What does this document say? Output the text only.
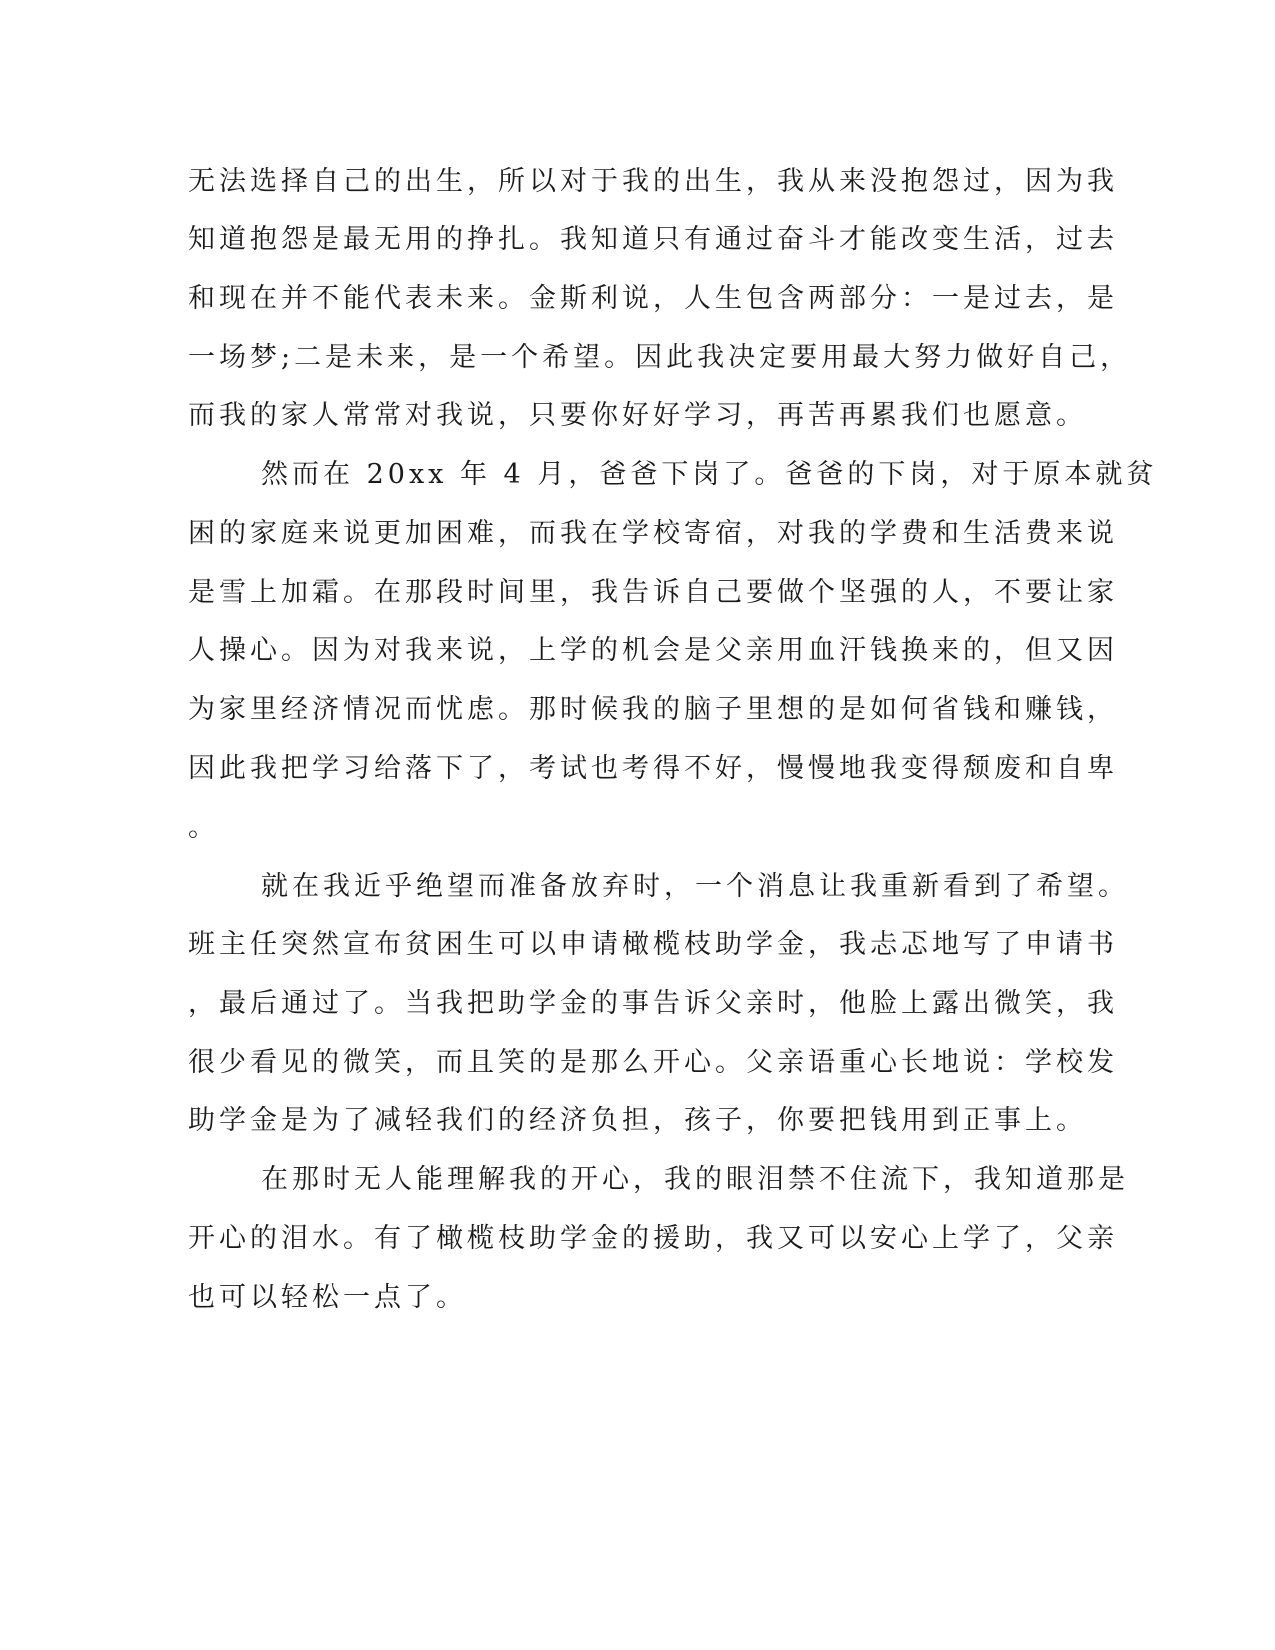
无法选择自己的出生，所以对于我的出生，我从来没抱怨过，因为我
知道抱怨是最无用的挣扎。我知道只有通过奋斗才能改变生活，过去
和现在并不能代表未来。金斯利说，人生包含两部分：一是过去，是
一场梦;二是未来，是一个希望。因此我决定要用最大努力做好自己，
而我的家人常常对我说，只要你好好学习，再苦再累我们也愿意。
然而在 20xx 年 4 月，爸爸下岗了。爸爸的下岗，对于原本就贫
困的家庭来说更加困难，而我在学校寄宿，对我的学费和生活费来说
是雪上加霜。在那段时间里，我告诉自己要做个坚强的人，不要让家
人操心。因为对我来说，上学的机会是父亲用血汗钱换来的，但又因
为家里经济情况而忧虑。那时候我的脑子里想的是如何省钱和赚钱，
因此我把学习给落下了，考试也考得不好，慢慢地我变得颓废和自卑
。
就在我近乎绝望而准备放弃时，一个消息让我重新看到了希望。
班主任突然宣布贫困生可以申请橄榄枝助学金，我忐忑地写了申请书
，最后通过了。当我把助学金的事告诉父亲时，他脸上露出微笑，我
很少看见的微笑，而且笑的是那么开心。父亲语重心长地说：学校发
助学金是为了减轻我们的经济负担，孩子，你要把钱用到正事上。
在那时无人能理解我的开心，我的眼泪禁不住流下，我知道那是
开心的泪水。有了橄榄枝助学金的援助，我又可以安心上学了，父亲
也可以轻松一点了。
